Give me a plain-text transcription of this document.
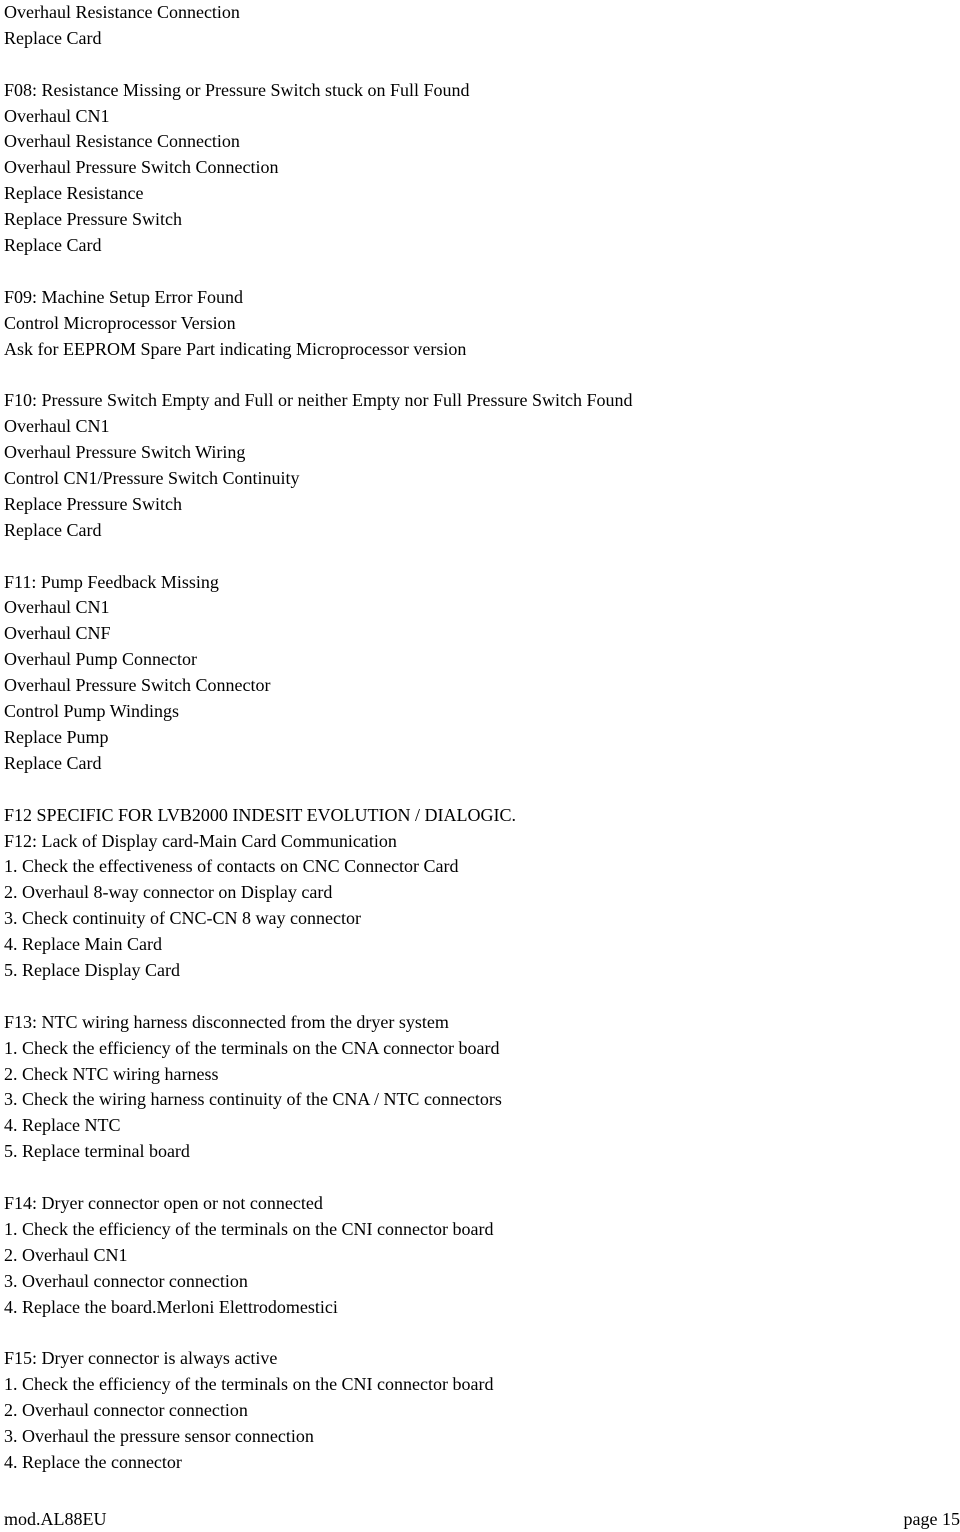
Overhaul Resistance Connection
Replace Card
F08: Resistance Missing or Pressure Switch stuck on Full Found
Overhaul CN1
Overhaul Resistance Connection
Overhaul Pressure Switch Connection
Replace Resistance
Replace Pressure Switch
Replace Card
F09: Machine Setup Error Found
Control Microprocessor Version
Ask for EEPROM Spare Part indicating Microprocessor version
F10: Pressure Switch Empty and Full or neither Empty nor Full Pressure Switch Found
Overhaul CN1
Overhaul Pressure Switch Wiring
Control CN1/Pressure Switch Continuity
Replace Pressure Switch
Replace Card
F11: Pump Feedback Missing
Overhaul CN1
Overhaul CNF
Overhaul Pump Connector
Overhaul Pressure Switch Connector
Control Pump Windings
Replace Pump
Replace Card
F12 SPECIFIC FOR LVB2000 INDESIT EVOLUTION / DIALOGIC.
F12: Lack of Display card-Main Card Communication
1. Check the effectiveness of contacts on CNC Connector Card
2. Overhaul 8-way connector on Display card
3. Check continuity of CNC-CN 8 way connector
4. Replace Main Card
5. Replace Display Card
F13: NTC wiring harness disconnected from the dryer system
1. Check the efficiency of the terminals on the CNA connector board
2. Check NTC wiring harness
3. Check the wiring harness continuity of the CNA / NTC connectors
4. Replace NTC
5. Replace terminal board
F14: Dryer connector open or not connected
1. Check the efficiency of the terminals on the CNI connector board
2. Overhaul CN1
3. Overhaul connector connection
4. Replace the board.Merloni Elettrodomestici
F15: Dryer connector is always active
1. Check the efficiency of the terminals on the CNI connector board
2. Overhaul connector connection
3. Overhaul the pressure sensor connection
4. Replace the connector
mod.AL88EU	page 15
